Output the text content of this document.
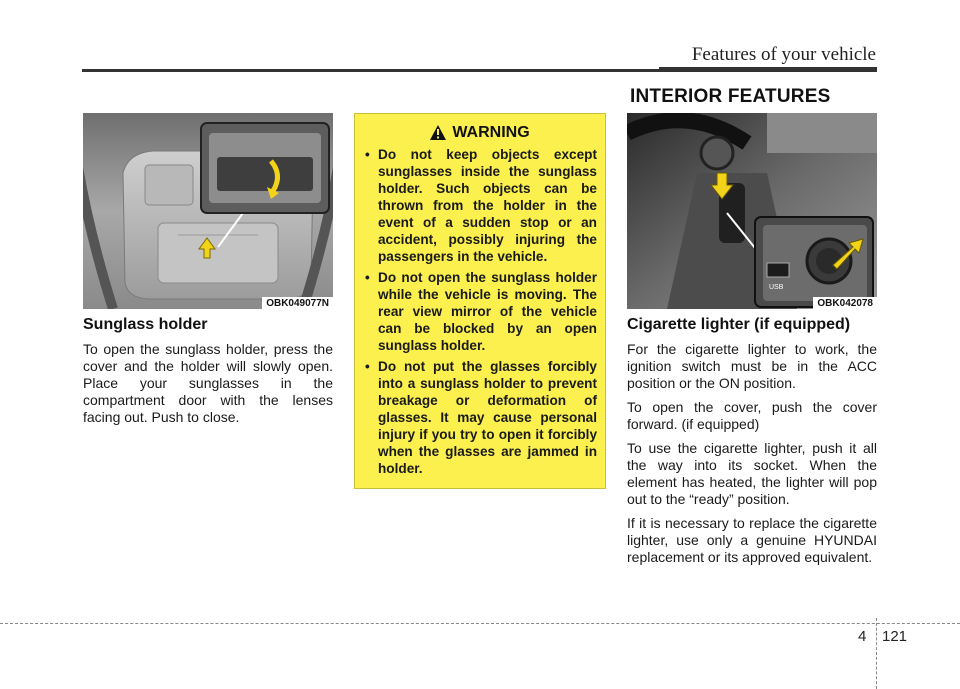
Features of your vehicle
INTERIOR FEATURES
OBK049077N
Sunglass holder

To open the sunglass holder, press the cover and the holder will slowly open. Place your sunglasses in the compartment door with the lenses facing out. Push to close.

WARNING
• Do not keep objects except sunglasses inside the sunglass holder. Such objects can be thrown from the holder in the event of a sudden stop or an accident, possibly injuring the passengers in the vehicle.
• Do not open the sunglass holder while the vehicle is moving. The rear view mirror of the vehicle can be blocked by an open sunglass holder.
• Do not put the glasses forcibly into a sunglass holder to prevent breakage or deformation of glasses. It may cause personal injury if you try to open it forcibly when the glasses are jammed in holder.
USB
OBK042078
Cigarette lighter (if equipped)

For the cigarette lighter to work, the ignition switch must be in the ACC position or the ON position.

To open the cover, push the cover forward. (if equipped)

To use the cigarette lighter, push it all the way into its socket. When the element has heated, the lighter will pop out to the “ready” position.

If it is necessary to replace the cigarette lighter, use only a genuine HYUNDAI replacement or its approved equivalent.

4 121
